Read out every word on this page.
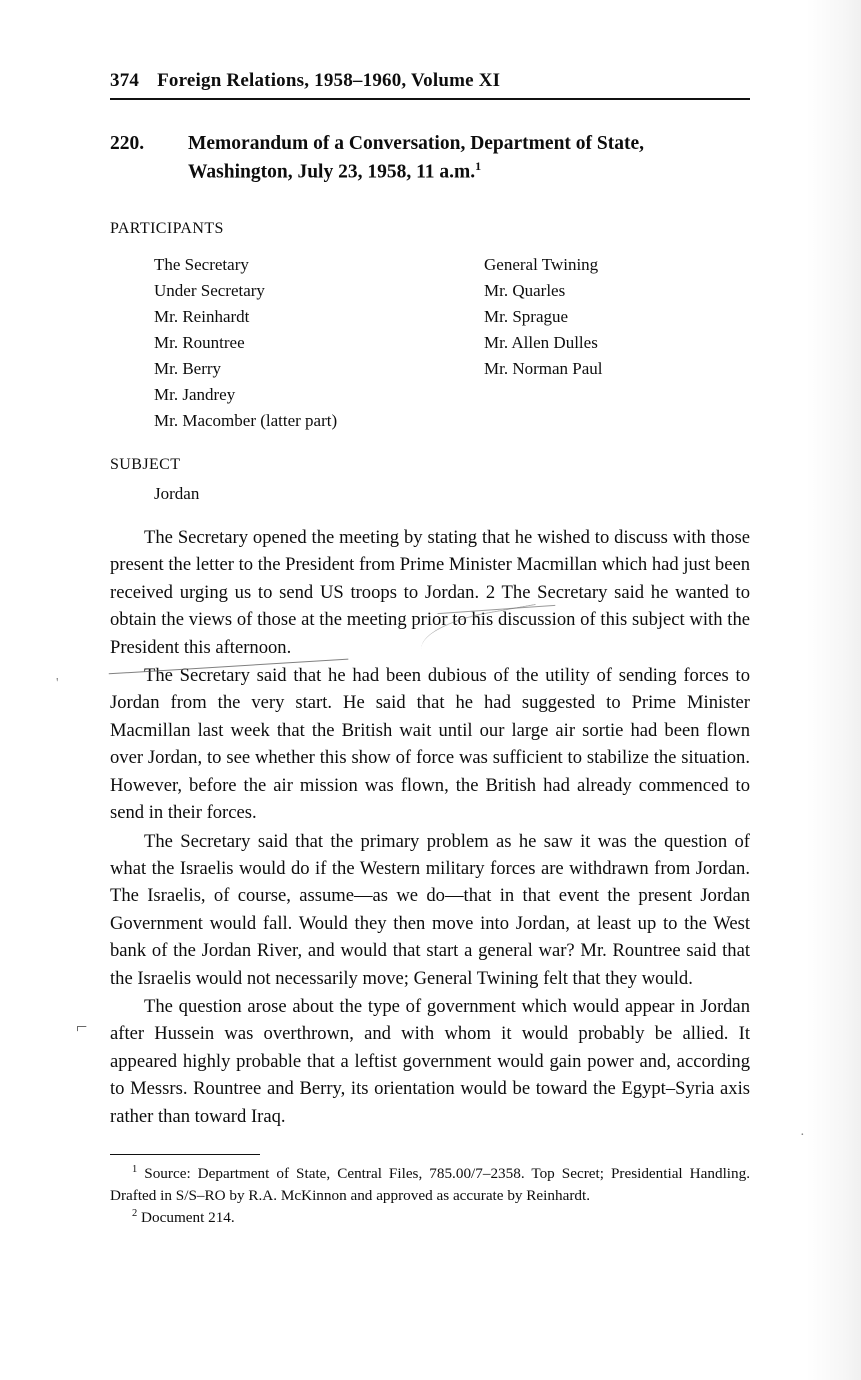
374 Foreign Relations, 1958–1960, Volume XI
220.	Memorandum of a Conversation, Department of State,
Washington, July 23, 1958, 11 a.m.$^1$
PARTICIPANTS
The Secretary
Under Secretary
Mr. Reinhardt
Mr. Rountree
Mr. Berry
Mr. Jandrey
Mr. Macomber (latter part)
General Twining
Mr. Quarles
Mr. Sprague
Mr. Allen Dulles
Mr. Norman Paul
SUBJECT
Jordan

The Secretary opened the meeting by stating that he wished to discuss with those present the letter to the President from Prime Minister Macmillan which had just been received urging us to send US troops to Jordan. 2 The Secretary said he wanted to obtain the views of those at the meeting prior to his discussion of this subject with the President this afternoon.

The Secretary said that he had been dubious of the utility of sending forces to Jordan from the very start. He said that he had suggested to Prime Minister Macmillan last week that the British wait until our large air sortie had been flown over Jordan, to see whether this show of force was sufficient to stabilize the situation. However, before the air mission was flown, the British had already commenced to send in their forces.

The Secretary said that the primary problem as he saw it was the question of what the Israelis would do if the Western military forces are withdrawn from Jordan. The Israelis, of course, assume—as we do—that in that event the present Jordan Government would fall. Would they then move into Jordan, at least up to the West bank of the Jordan River, and would that start a general war? Mr. Rountree said that the Israelis would not necessarily move; General Twining felt that they would.

The question arose about the type of government which would appear in Jordan after Hussein was overthrown, and with whom it would probably be allied. It appeared highly probable that a leftist government would gain power and, according to Messrs. Rountree and Berry, its orientation would be toward the Egypt–Syria axis rather than toward Iraq.

$^1$ Source: Department of State, Central Files, 785.00/7–2358. Top Secret; Presidential Handling. Drafted in S/S–RO by R.A. McKinnon and approved as accurate by Reinhardt.

$^2$ Document 214.

⌐
'
·
